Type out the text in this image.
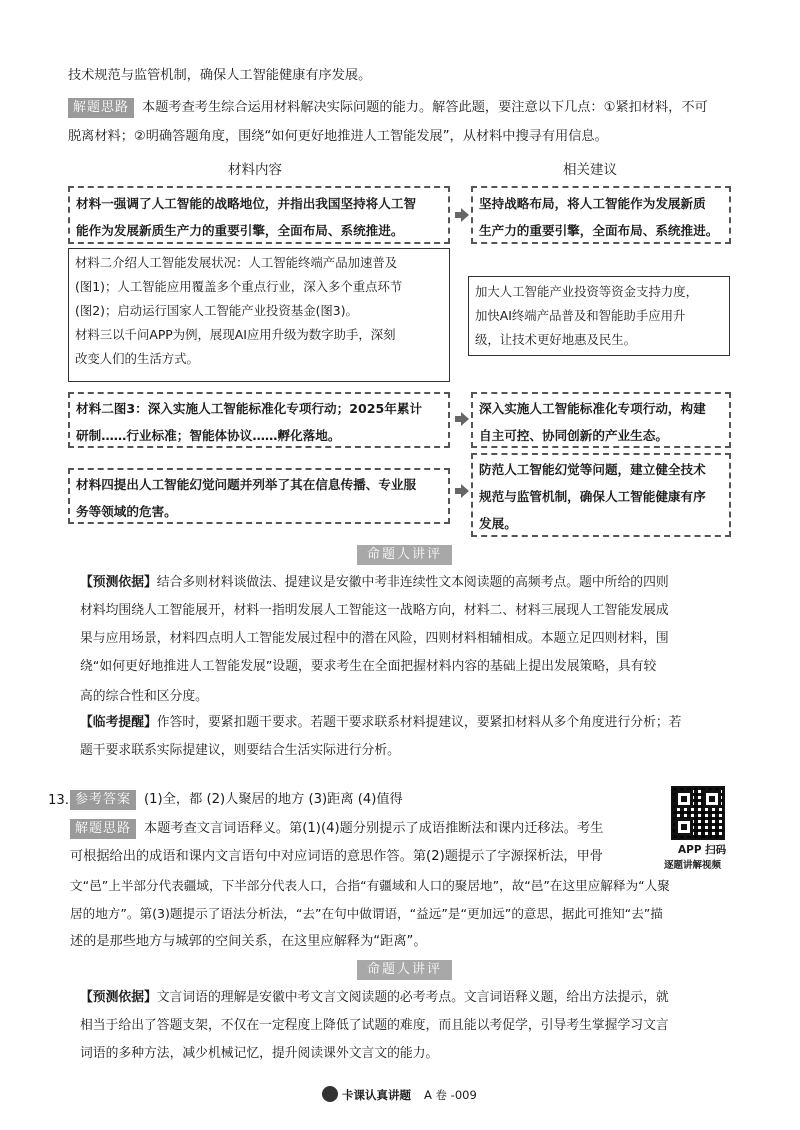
技术规范与监管机制，确保人工智能健康有序发展。
解题思路 本题考查考生综合运用材料解决实际问题的能力。解答此题，要注意以下几点：①紧扣材料，不可
脱离材料；②明确答题角度，围绕“如何更好地推进人工智能发展”，从材料中搜寻有用信息。
材料内容	相关建议
材料一强调了人工智能的战略地位，并指出我国坚持将人工智
能作为发展新质生产力的重要引擎，全面布局、系统推进。
坚持战略布局，将人工智能作为发展新质
生产力的重要引擎，全面布局、系统推进。
材料二介绍人工智能发展状况：人工智能终端产品加速普及
(图1)；人工智能应用覆盖多个重点行业，深入多个重点环节
(图2)；启动运行国家人工智能产业投资基金(图3)。
材料三以千问APP为例，展现AI应用升级为数字助手，深刻
改变人们的生活方式。
加大人工智能产业投资等资金支持力度，
加快AI终端产品普及和智能助手应用升
级，让技术更好地惠及民生。
材料二图3：深入实施人工智能标准化专项行动；2025年累计
研制……行业标准；智能体协议……孵化落地。
深入实施人工智能标准化专项行动，构建
自主可控、协同创新的产业生态。
材料四提出人工智能幻觉问题并列举了其在信息传播、专业服
务等领域的危害。
防范人工智能幻觉等问题，建立健全技术
规范与监管机制，确保人工智能健康有序
发展。
命题人讲评
【预测依据】结合多则材料谈做法、提建议是安徽中考非连续性文本阅读题的高频考点。题中所给的四则
材料均围绕人工智能展开，材料一指明发展人工智能这一战略方向，材料二、材料三展现人工智能发展成
果与应用场景，材料四点明人工智能发展过程中的潜在风险，四则材料相辅相成。本题立足四则材料，围
绕“如何更好地推进人工智能发展”设题，要求考生在全面把握材料内容的基础上提出发展策略，具有较
高的综合性和区分度。
【临考提醒】作答时，要紧扣题干要求。若题干要求联系材料提建议，要紧扣材料从多个角度进行分析；若
题干要求联系实际提建议，则要结合生活实际进行分析。
13. 参考答案 (1)全，都 (2)人聚居的地方 (3)距离 (4)值得
解题思路 本题考查文言词语释义。第(1)(4)题分别提示了成语推断法和课内迁移法。考生
可根据给出的成语和课内文言语句中对应词语的意思作答。第(2)题提示了字源探析法，甲骨
文“邑”上半部分代表疆域，下半部分代表人口，合指“有疆域和人口的聚居地”，故“邑”在这里应解释为“人聚
居的地方”。第(3)题提示了语法分析法，“去”在句中做谓语，“益远”是“更加远”的意思，据此可推知“去”描
述的是那些地方与城郭的空间关系，在这里应解释为“距离”。
APP 扫码
逐题讲解视频
命题人讲评
【预测依据】文言词语的理解是安徽中考文言文阅读题的必考考点。文言词语释义题，给出方法提示，就
相当于给出了答题支架，不仅在一定程度上降低了试题的难度，而且能以考促学，引导考生掌握学习文言
词语的多种方法，减少机械记忆，提升阅读课外文言文的能力。
卡课认真讲题 A 卷 -009
